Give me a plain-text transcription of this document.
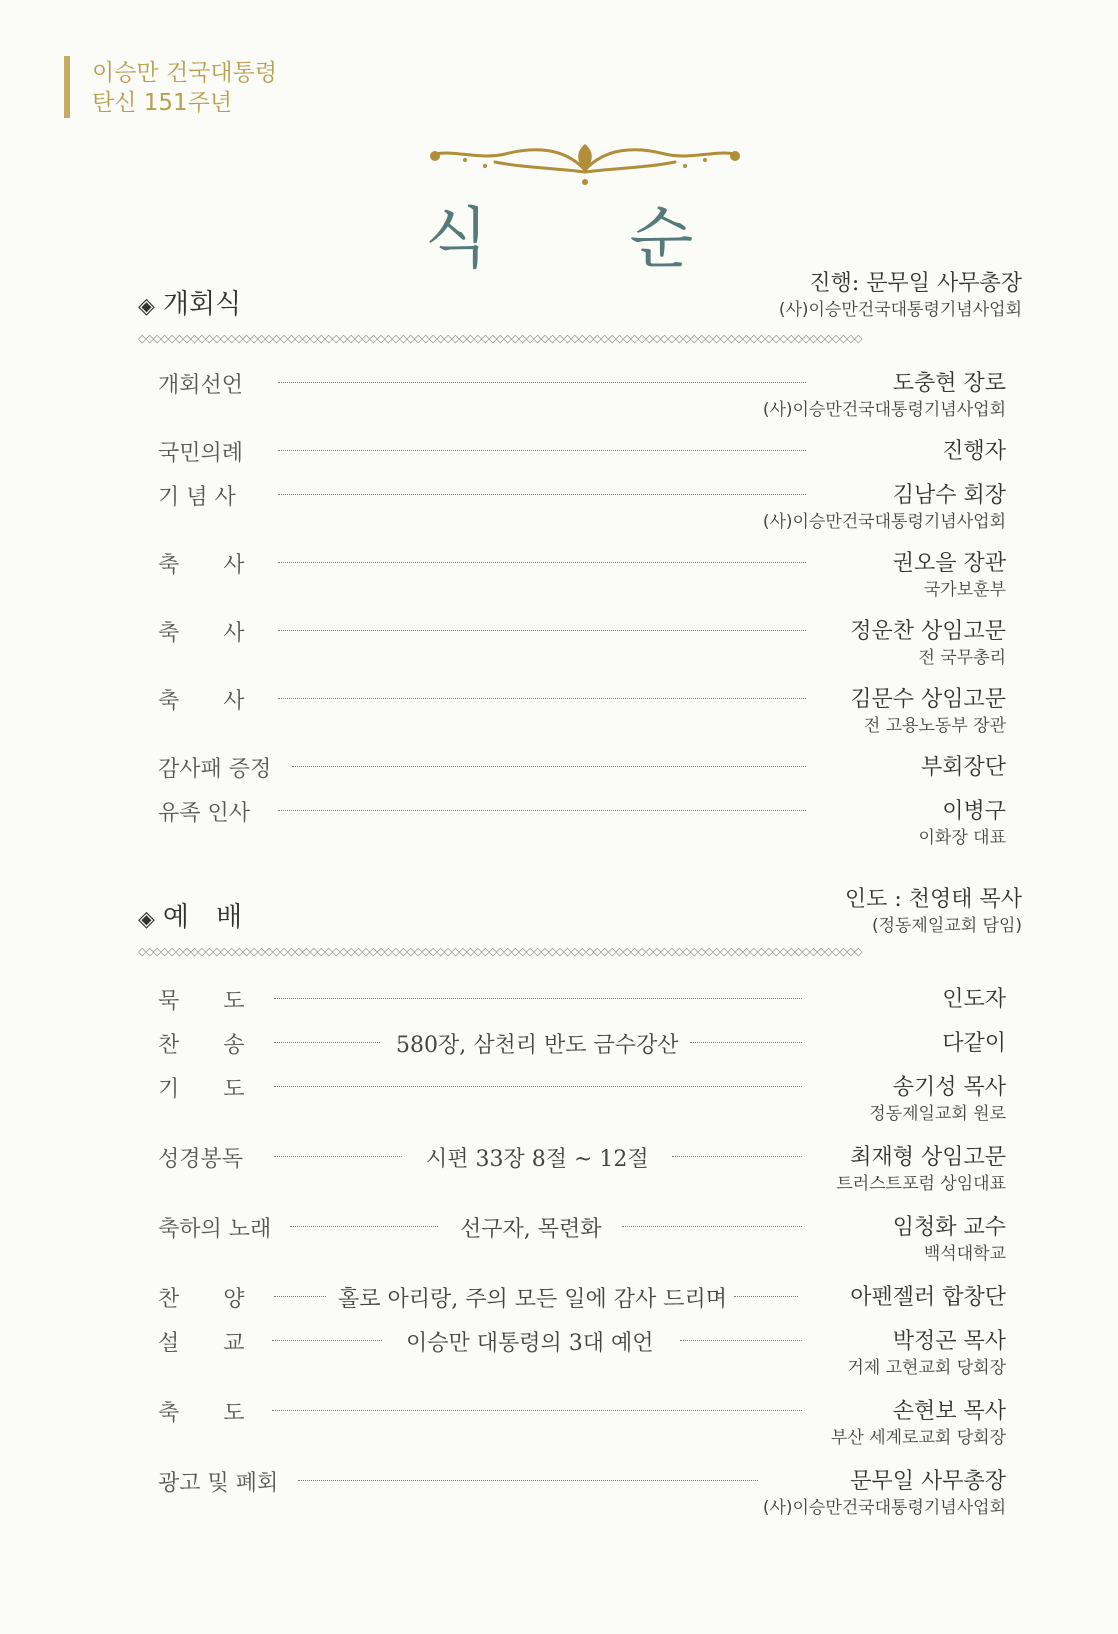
이승만 건국대통령
탄신 151주년
식 순
◈ 개회식
진행: 문무일 사무총장
(사)이승만건국대통령기념사업회
◇◇◇◇◇◇◇◇◇◇◇◇◇◇◇◇◇◇◇◇◇◇◇◇◇◇◇◇◇◇◇◇◇◇◇◇◇◇◇◇◇◇◇◇◇◇◇◇◇◇◇◇◇◇◇◇◇◇◇◇◇◇◇◇◇◇◇◇◇◇◇◇◇◇◇◇◇◇◇◇◇◇◇◇◇◇◇◇◇◇◇◇◇◇◇◇◇
개회선언	도충현 장로
(사)이승만건국대통령기념사업회
국민의례	진행자
기 념 사	김남수 회장
(사)이승만건국대통령기념사업회
축　　사	권오을 장관
국가보훈부
축　　사	정운찬 상임고문
전 국무총리
축　　사	김문수 상임고문
전 고용노동부 장관
감사패 증정	부회장단
유족 인사	이병구
이화장 대표
◈ 예　배
인도 : 천영태 목사
(정동제일교회 담임)
◇◇◇◇◇◇◇◇◇◇◇◇◇◇◇◇◇◇◇◇◇◇◇◇◇◇◇◇◇◇◇◇◇◇◇◇◇◇◇◇◇◇◇◇◇◇◇◇◇◇◇◇◇◇◇◇◇◇◇◇◇◇◇◇◇◇◇◇◇◇◇◇◇◇◇◇◇◇◇◇◇◇◇◇◇◇◇◇◇◇◇◇◇◇◇◇◇
묵　　도	인도자
찬　　송	580장, 삼천리 반도 금수강산	다같이
기　　도	송기성 목사
정동제일교회 원로
성경봉독	시편 33장 8절 ~ 12절	최재형 상임고문
트러스트포럼 상임대표
축하의 노래	선구자, 목련화	임청화 교수
백석대학교
찬　　양	홀로 아리랑, 주의 모든 일에 감사 드리며	아펜젤러 합창단
설　　교	이승만 대통령의 3대 예언	박정곤 목사
거제 고현교회 당회장
축　　도	손현보 목사
부산 세계로교회 당회장
광고 및 폐회	문무일 사무총장
(사)이승만건국대통령기념사업회
